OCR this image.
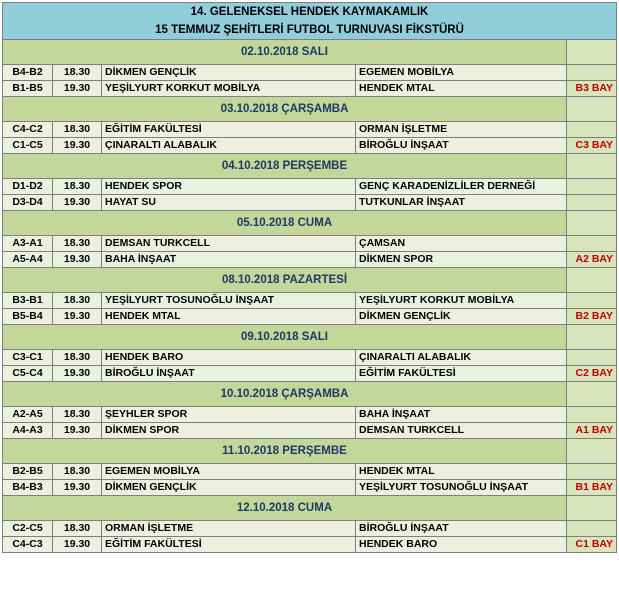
14. GELENEKSEL HENDEK KAYMAKAMLIK				
15 TEMMUZ ŞEHİTLERİ FUTBOL TURNUVASI FİKSTÜRÜ				
02.10.2018 SALI				
B4-B2	18.30	DİKMEN GENÇLİK	EGEMEN MOBİLYA	
B1-B5	19.30	YEŞİLYURT KORKUT MOBİLYA	HENDEK MTAL	B3 BAY
03.10.2018 ÇARŞAMBA				
C4-C2	18.30	EĞİTİM FAKÜLTESİ	ORMAN İŞLETME	
C1-C5	19.30	ÇINARALTI ALABALIK	BİROĞLU İNŞAAT	C3 BAY
04.10.2018 PERŞEMBE				
D1-D2	18.30	HENDEK SPOR	GENÇ KARADENİZLİLER DERNEĞİ	
D3-D4	19.30	HAYAT SU	TUTKUNLAR İNŞAAT	
05.10.2018 CUMA				
A3-A1	18.30	DEMSAN TURKCELL	ÇAMSAN	
A5-A4	19.30	BAHA İNŞAAT	DİKMEN SPOR	A2 BAY
08.10.2018 PAZARTESİ				
B3-B1	18.30	YEŞİLYURT TOSUNOĞLU İNŞAAT	YEŞİLYURT KORKUT MOBİLYA	
B5-B4	19.30	HENDEK MTAL	DİKMEN GENÇLİK	B2 BAY
09.10.2018 SALI				
C3-C1	18.30	HENDEK BARO	ÇINARALTI ALABALIK	
C5-C4	19.30	BİROĞLU İNŞAAT	EĞİTİM FAKÜLTESİ	C2 BAY
10.10.2018 ÇARŞAMBA				
A2-A5	18.30	ŞEYHLER SPOR	BAHA İNŞAAT	
A4-A3	19.30	DİKMEN SPOR	DEMSAN TURKCELL	A1 BAY
11.10.2018 PERŞEMBE				
B2-B5	18.30	EGEMEN MOBİLYA	HENDEK MTAL	
B4-B3	19.30	DİKMEN GENÇLİK	YEŞİLYURT TOSUNOĞLU İNŞAAT	B1 BAY
12.10.2018 CUMA				
C2-C5	18.30	ORMAN İŞLETME	BİROĞLU İNŞAAT	
C4-C3	19.30	EĞİTİM FAKÜLTESİ	HENDEK BARO	C1 BAY
